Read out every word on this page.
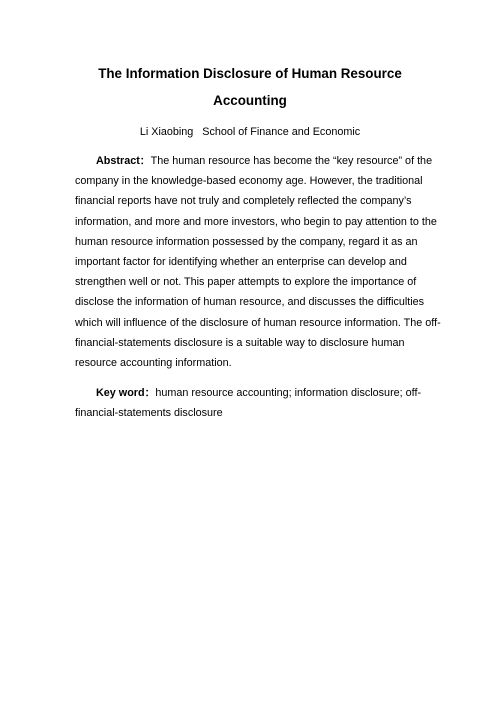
The Information Disclosure of Human Resource
Accounting
Li Xiaobing School of Finance and Economic
Abstract：The human resource has become the “key resource” of the
company in the knowledge-based economy age. However, the traditional
financial reports have not truly and completely reflected the company’s
information, and more and more investors, who begin to pay attention to the
human resource information possessed by the company, regard it as an
important factor for identifying whether an enterprise can develop and
strengthen well or not. This paper attempts to explore the importance of
disclose the information of human resource, and discusses the difficulties
which will influence of the disclosure of human resource information. The off-
financial-statements disclosure is a suitable way to disclosure human
resource accounting information.
Key word：human resource accounting; information disclosure; off-
financial-statements disclosure
